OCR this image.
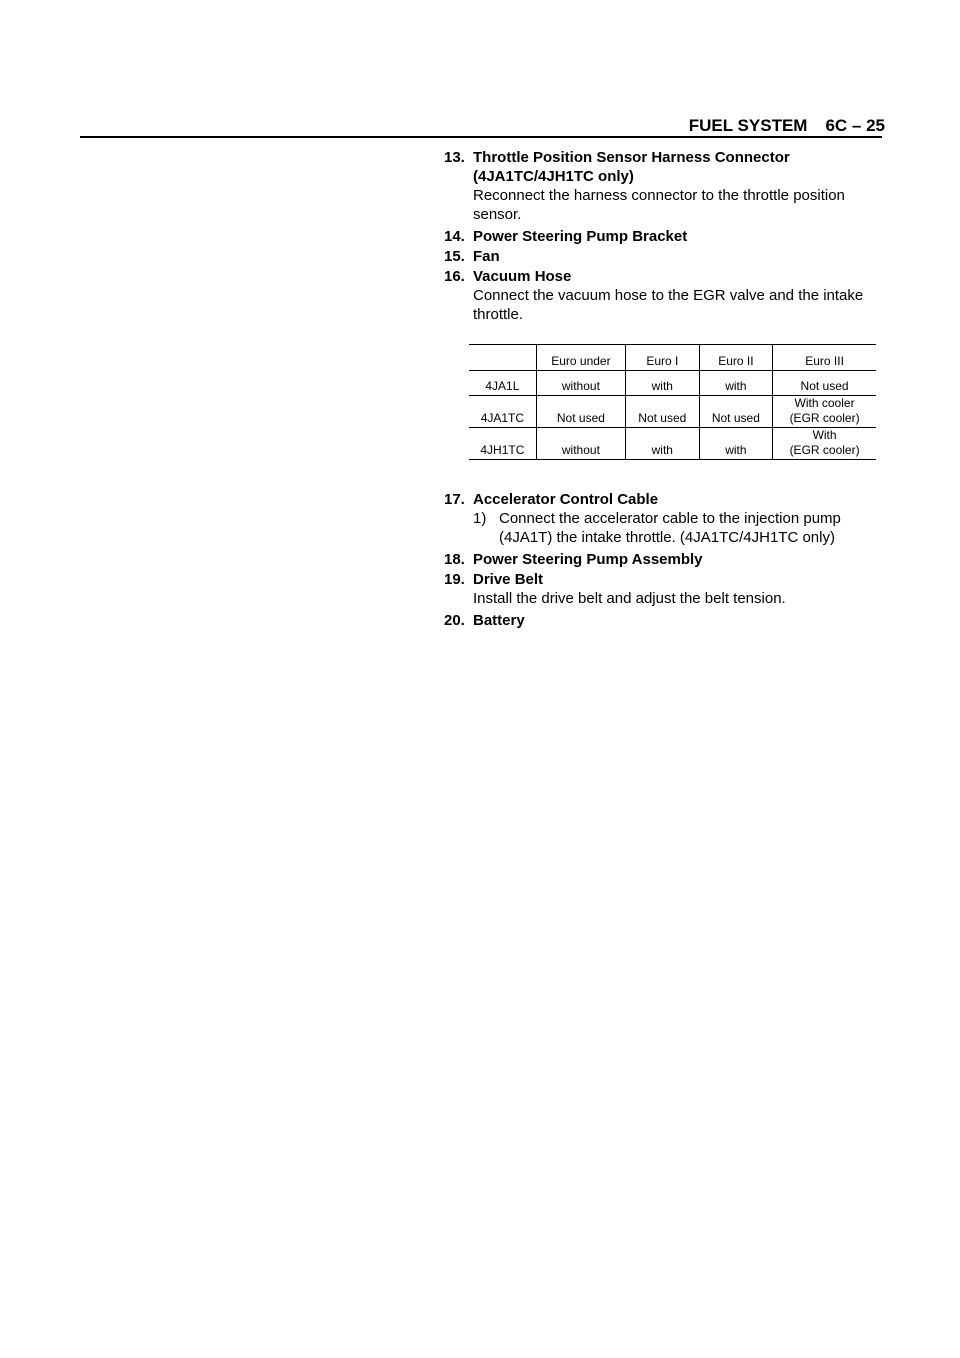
FUEL SYSTEM 6C – 25
13. Throttle Position Sensor Harness Connector
(4JA1TC/4JH1TC only)
Reconnect the harness connector to the throttle position sensor.
14. Power Steering Pump Bracket
15. Fan
16. Vacuum Hose
Connect the vacuum hose to the EGR valve and the intake throttle.
	Euro under	Euro I	Euro II	Euro III
4JA1L	without	with	with	Not used
4JA1TC	Not used	Not used	Not used	With cooler
(EGR cooler)

4JH1TC	without	with	with	With
(EGR cooler)
17. Accelerator Control Cable
1) Connect the accelerator cable to the injection pump (4JA1T) the intake throttle. (4JA1TC/4JH1TC only)
18. Power Steering Pump Assembly
19. Drive Belt
Install the drive belt and adjust the belt tension.
20. Battery
